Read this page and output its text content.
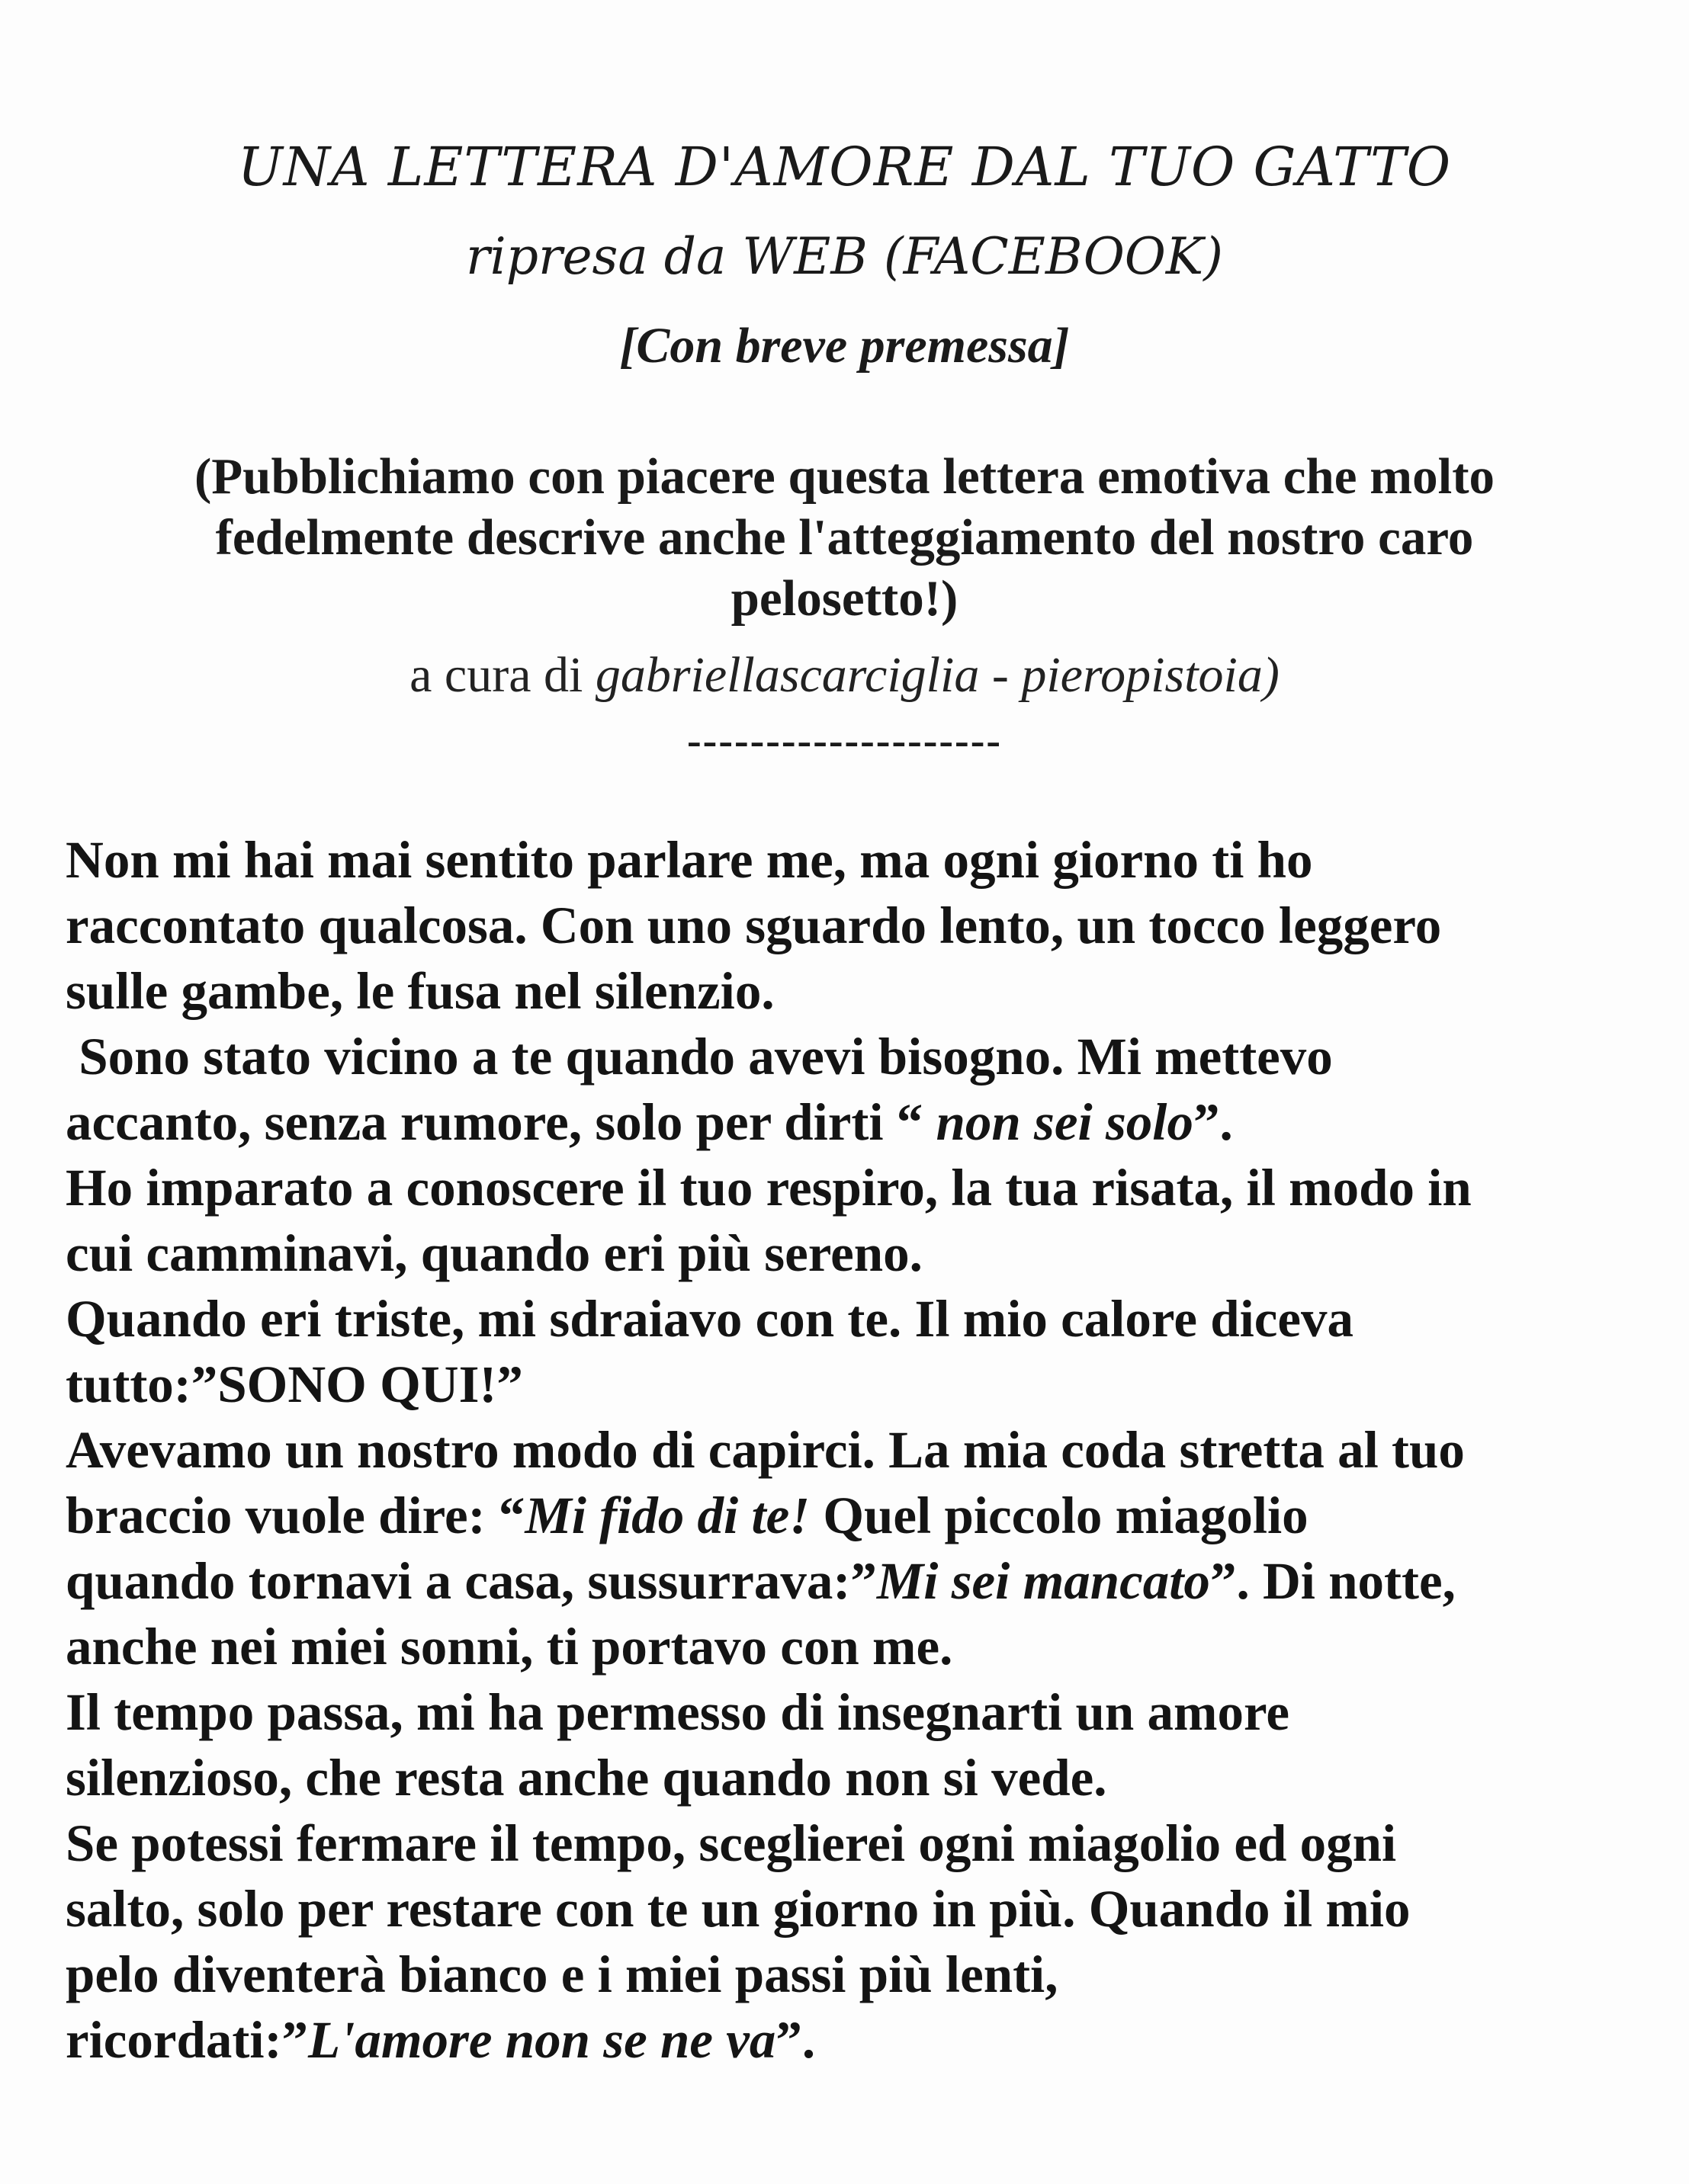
UNA LETTERA D'AMORE DAL TUO GATTO
ripresa da WEB (FACEBOOK)
[Con breve premessa]
(Pubblichiamo con piacere questa lettera emotiva che molto
fedelmente descrive anche l'atteggiamento del nostro caro
pelosetto!)
a cura di gabriellascarciglia - pieropistoia)
--------------------
Non mi hai mai sentito parlare me, ma ogni giorno ti ho
raccontato qualcosa. Con uno sguardo lento, un tocco leggero
sulle gambe, le fusa nel silenzio.
Sono stato vicino a te quando avevi bisogno. Mi mettevo
accanto, senza rumore, solo per dirti “ non sei solo”.
Ho imparato a conoscere il tuo respiro, la tua risata, il modo in
cui camminavi, quando eri più sereno.
Quando eri triste, mi sdraiavo con te. Il mio calore diceva
tutto:”SONO QUI!”
Avevamo un nostro modo di capirci. La mia coda stretta al tuo
braccio vuole dire: “Mi fido di te! Quel piccolo miagolio
quando tornavi a casa, sussurrava:”Mi sei mancato”. Di notte,
anche nei miei sonni, ti portavo con me.
Il tempo passa, mi ha permesso di insegnarti un amore
silenzioso, che resta anche quando non si vede.
Se potessi fermare il tempo, sceglierei ogni miagolio ed ogni
salto, solo per restare con te un giorno in più. Quando il mio
pelo diventerà bianco e i miei passi più lenti,
ricordati:”L'amore non se ne va”.
